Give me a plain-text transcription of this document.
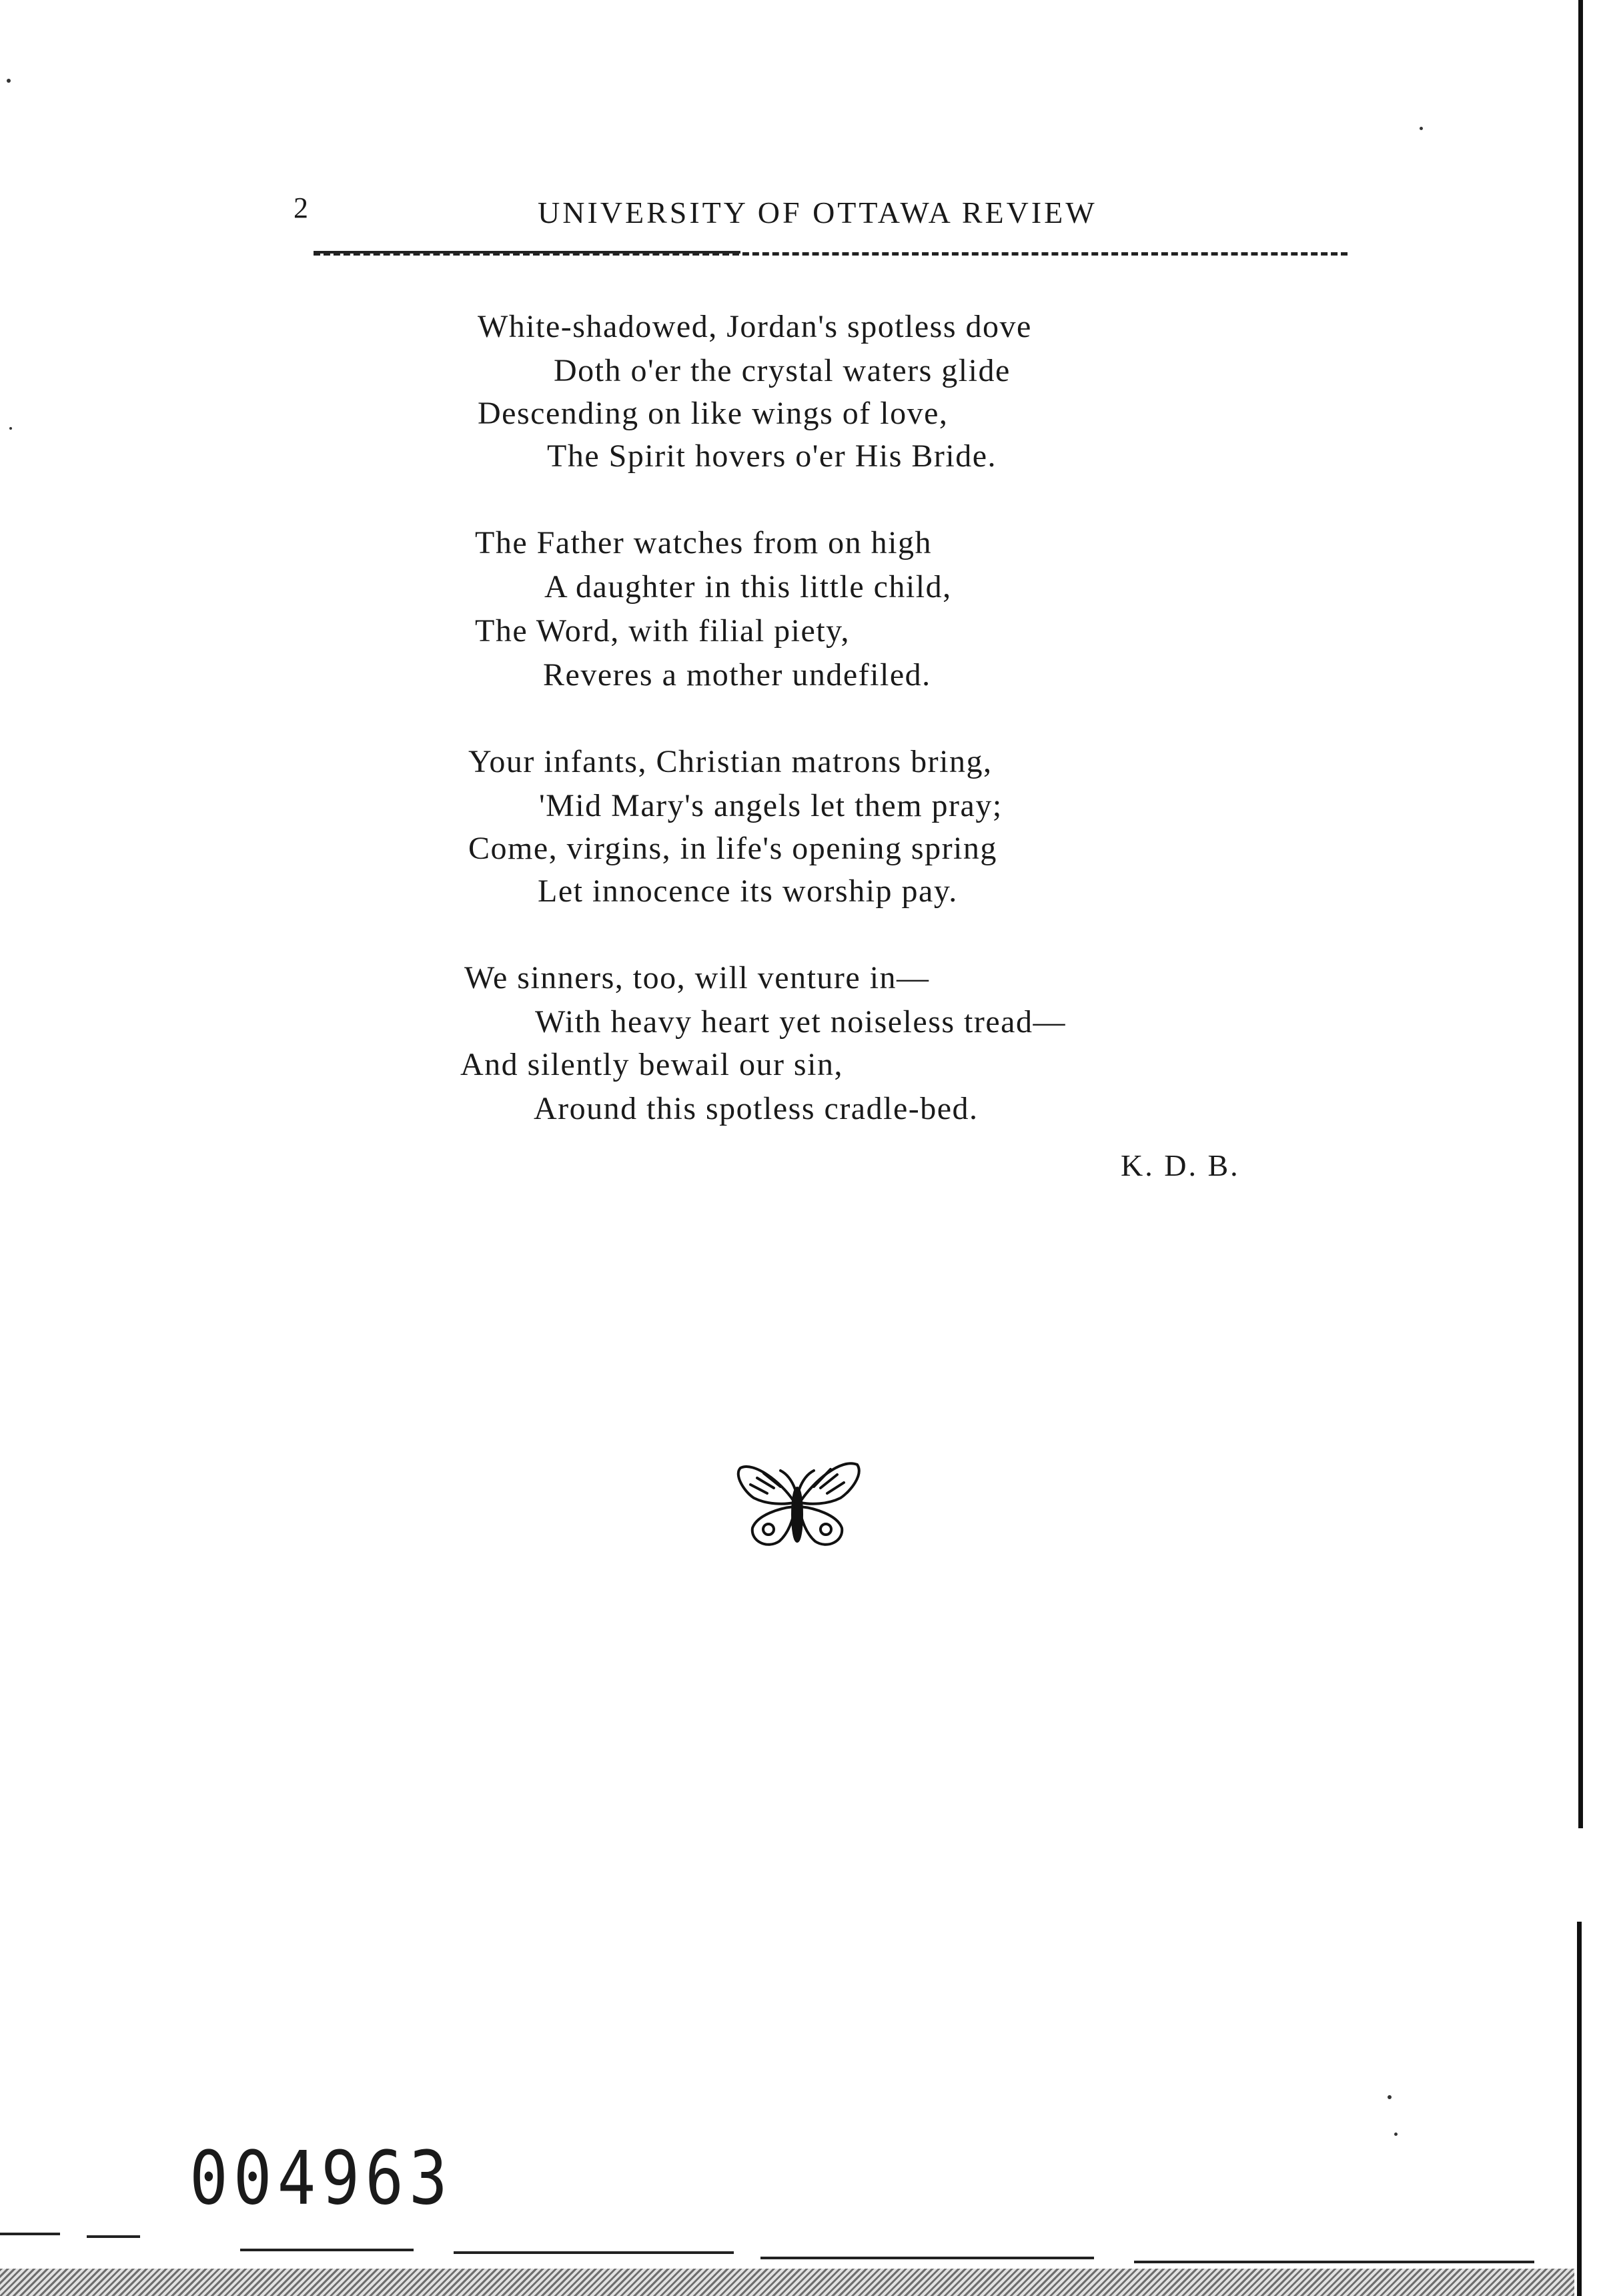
2	UNIVERSITY OF OTTAWA REVIEW
White-shadowed, Jordan's spotless dove
Doth o'er the crystal waters glide
Descending on like wings of love,
The Spirit hovers o'er His Bride.
The Father watches from on high
A daughter in this little child,
The Word, with filial piety,
Reveres a mother undefiled.
Your infants, Christian matrons bring,
'Mid Mary's angels let them pray;
Come, virgins, in life's opening spring
Let innocence its worship pay.
We sinners, too, will venture in—
With heavy heart yet noiseless tread—
And silently bewail our sin,
Around this spotless cradle-bed.
K. D. B.
004963
